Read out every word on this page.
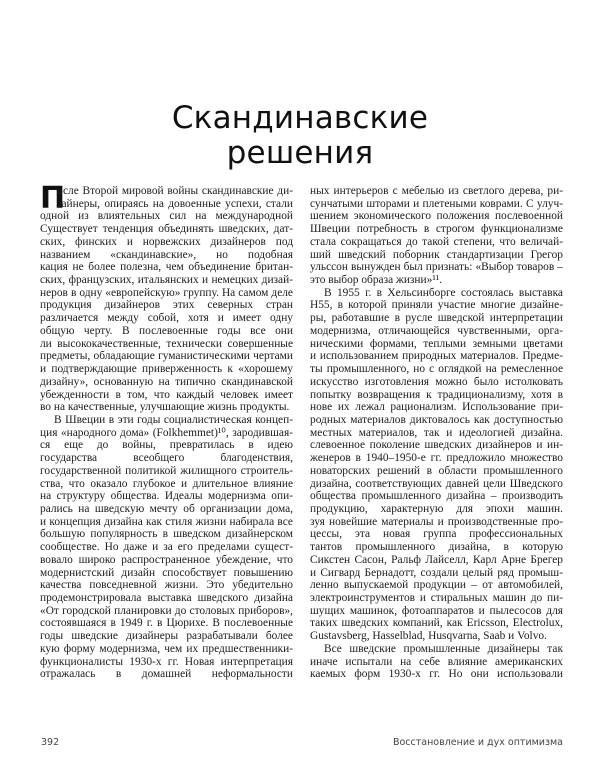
Скандинавские
решения
П
осле Второй мировой войны скандинавские ди-
зайнеры, опираясь на довоенные успехи, стали
одной из влиятельных сил на международной
Существует тенденция объединять шведских, дат-
ских, финских и норвежских дизайнеров под
названием «скандинавские», но подобная
кация не более полезна, чем объединение британ-
ских, французских, итальянских и немецких дизай-
неров в одну «европейскую» группу. На самом деле
продукция дизайнеров этих северных стран
различается между собой, хотя и имеет одну
общую черту. В послевоенные годы все они
ли высококачественные, технически совершенные
предметы, обладающие гуманистическими чертами
и подтверждающие приверженность к «хорошему
дизайну», основанную на типично скандинавской
убежденности в том, что каждый человек имеет
во на качественные, улучшающие жизнь продукты.
В Швеции в эти годы социалистическая концеп-
ция «народного дома» (Folkhemmet)¹⁰, зародившая-
ся еще до войны, превратилась в идею
государства всеобщего благоденствия,
государственной политикой жилищного строитель-
ства, что оказало глубокое и длительное влияние
на структуру общества. Идеалы модернизма опи-
рались на шведскую мечту об организации дома,
и концепция дизайна как стиля жизни набирала все
большую популярность в шведском дизайнерском
сообществе. Но даже и за его пределами сущест-
вовало широко распространенное убеждение, что
модернистский дизайн способствует повышению
качества повседневной жизни. Это убедительно
продемонстрировала выставка шведского дизайна
«От городской планировки до столовых приборов»,
состоявшаяся в 1949 г. в Цюрихе. В послевоенные
годы шведские дизайнеры разрабатывали более
кую форму модернизма, чем их предшественники-
функционалисты 1930-х гг. Новая интерпретация
отражалась в домашней неформальности
ных интерьеров с мебелью из светлого дерева, ри-
сунчатыми шторами и плетеными коврами. С улуч-
шением экономического положения послевоенной
Швеции потребность в строгом функционализме
стала сокращаться до такой степени, что величай-
ший шведский поборник стандартизации Грегор
ульссон вынужден был признать: «Выбор товаров –
это выбор образа жизни»¹¹.
В 1955 г. в Хельсинборге состоялась выставка
Н55, в которой приняли участие многие дизайне-
ры, работавшие в русле шведской интерпретации
модернизма, отличающейся чувственными, орга-
ническими формами, теплыми земными цветами
и использованием природных материалов. Предме-
ты промышленного, но с оглядкой на ремесленное
искусство изготовления можно было истолковать
попытку возвращения к традиционализму, хотя в
нове их лежал рационализм. Использование при-
родных материалов диктовалось как доступностью
местных материалов, так и идеологией дизайна.
слевоенное поколение шведских дизайнеров и ин-
женеров в 1940–1950-е гг. предложило множество
новаторских решений в области промышленного
дизайна, соответствующих давней цели Шведского
общества промышленного дизайна – производить
продукцию, характерную для эпохи машин.
зуя новейшие материалы и производственные про-
цессы, эта новая группа профессиональных
тантов промышленного дизайна, в которую
Сикстен Сасон, Ральф Лайселл, Карл Арне Брегер
и Сигвард Бернадотт, создали целый ряд промыш-
ленно выпускаемой продукции – от автомобилей,
электроинструментов и стиральных машин до пи-
шущих машинок, фотоаппаратов и пылесосов для
таких шведских компаний, как Ericsson, Electrolux,
Gustavsberg, Hasselblad, Husqvarna, Saab и Volvo.
Все шведские промышленные дизайнеры так
иначе испытали на себе влияние американских
каемых форм 1930-х гг. Но они использовали
392	Восстановление и дух оптимизма
